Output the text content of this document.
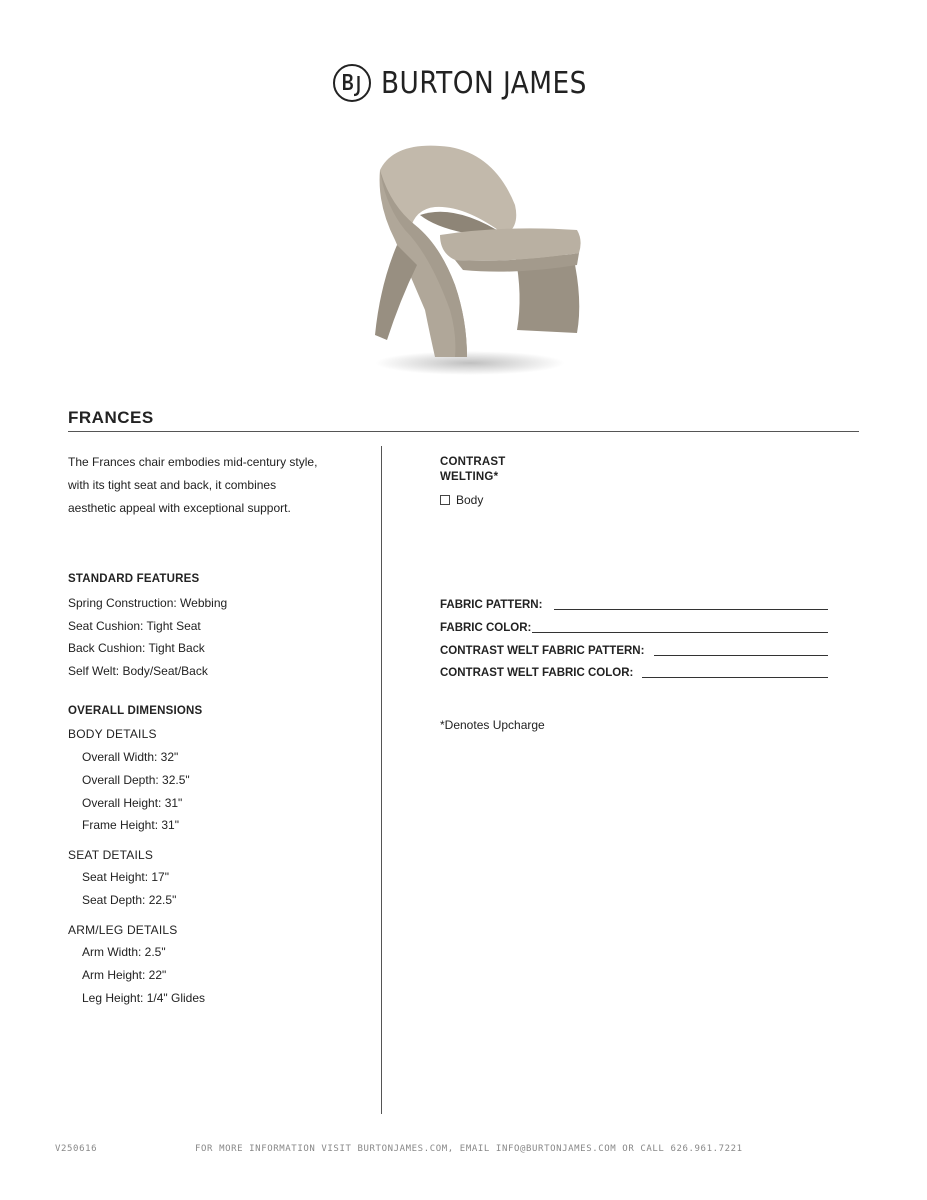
BURTON JAMES
FRANCES
The Frances chair embodies mid-century style, with its tight seat and back, it combines aesthetic appeal with exceptional support.
STANDARD FEATURES
Spring Construction: Webbing
Seat Cushion: Tight Seat
Back Cushion: Tight Back
Self Welt: Body/Seat/Back
OVERALL DIMENSIONS
BODY DETAILS
Overall Width: 32"
Overall Depth: 32.5"
Overall Height: 31"
Frame Height: 31"
SEAT DETAILS
Seat Height: 17"
Seat Depth: 22.5"
ARM/LEG DETAILS
Arm Width: 2.5"
Arm Height: 22"
Leg Height: 1/4" Glides
CONTRAST
WELTING*
Body
FABRIC PATTERN:
FABRIC COLOR:
CONTRAST WELT FABRIC PATTERN:
CONTRAST WELT FABRIC COLOR:
*Denotes Upcharge
V250616	FOR MORE INFORMATION VISIT BURTONJAMES.COM, EMAIL INFO@BURTONJAMES.COM OR CALL 626.961.7221
